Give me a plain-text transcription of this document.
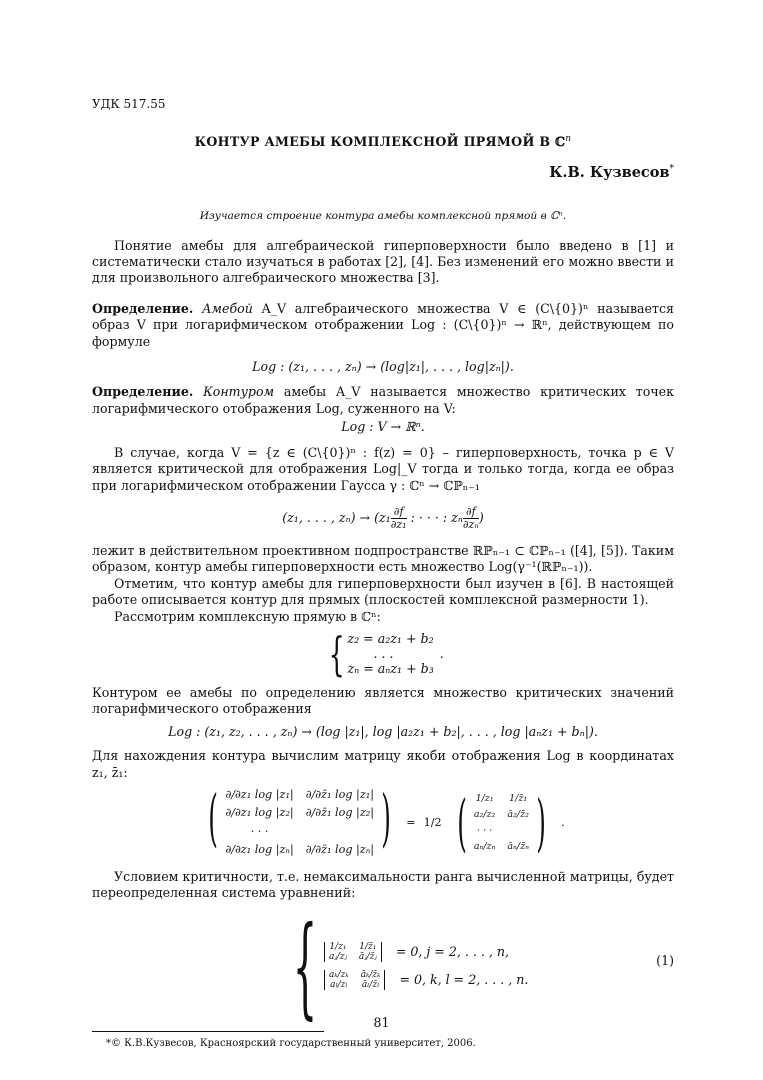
УДК 517.55

КОНТУР АМЕБЫ КОМПЛЕКСНОЙ ПРЯМОЙ В ℂ$^n$

К.В. Кузвесов*

Изучается строение контура амебы комплексной прямой в ℂⁿ.

Понятие амебы для алгебраической гиперповерхности было введено в [1] и систематически стало изучаться в работах [2], [4]. Без изменений его можно ввести и для произвольного алгебраического множества [3].

Определение. Амебой A_V алгебраического множества V ∈ (C\{0})ⁿ называется образ V при логарифмическом отображении Log : (C\{0})ⁿ → ℝⁿ, действующем по формуле

Log : (z₁, . . . , zₙ) → (log|z₁|, . . . , log|zₙ|).

Определение. Контуром амебы A_V называется множество критических точек логарифмического отображения Log, суженного на V:

Log : V → ℝⁿ.

В случае, когда V = {z ∈ (C\{0})ⁿ : f(z) = 0} – гиперповерхность, точка p ∈ V является критической для отображения Log|_V тогда и только тогда, когда ее образ при логарифмическом отображении Гаусса γ : ℂⁿ → ℂℙₙ₋₁

(z₁, . . . , $z_n) \to (z_1 \frac{\partial f}{\text{∂z₁}}$ : · · · : zₙ $\frac{\partial f}{\text{∂zₙ}}$ )

лежит в действительном проективном подпространстве ℝℙₙ₋₁ ⊂ ℂℙₙ₋₁ ([4], [5]). Таким образом, контур амебы гиперповерхности есть множество Log(γ⁻¹(ℝℙₙ₋₁)).

Отметим, что контур амебы для гиперповерхности был изучен в [6]. В настоящей работе описывается контур для прямых (плоскостей комплексной размерности 1).

Рассмотрим комплексную прямую в ℂⁿ:

{ z₂ = a₂z₁ + b₂
. . .
zₙ = aₙz₁ + b₃
.

Контуром ее амебы по определению является множество критических значений логарифмического отображения

Log : (z₁, z₂, . . . , zₙ) → (log |z₁|, log |a₂z₁ + b₂|, . . . , log |aₙz₁ + bₙ|).

Для нахождения контура вычислим матрицу якоби отображения Log в координатах z₁, z̄₁:

( ∂/∂z₁ log |z₁| ∂/∂z̄₁ log |z₁|
∂/∂z₁ log |z₂| ∂/∂z̄₁ log |z₂|
· · ·
∂/∂z₁ log |zₙ| ∂/∂z̄₁ log |zₙ| ) = 1/2 ( 1/z₁ 1/z̄₁
a₂/z₂ ā₂/z̄₂
· · ·
aₙ/zₙ āₙ/z̄ₙ ) .

Условием критичности, т.е. немаксимальности ранга вычисленной матрицы, будет переопределенная система уравнений:

{ 1/z₁ 1/z̄₁
aⱼ/zⱼ āⱼ/z̄ⱼ = 0, j = 2, . . . , n,
aₖ/zₖ āₖ/z̄ₖ
aₗ/zₗ āₗ/z̄ₗ = 0, k, l = 2, . . . , n.
(1)

*© К.В.Кузвесов, Красноярский государственный университет, 2006.

81
